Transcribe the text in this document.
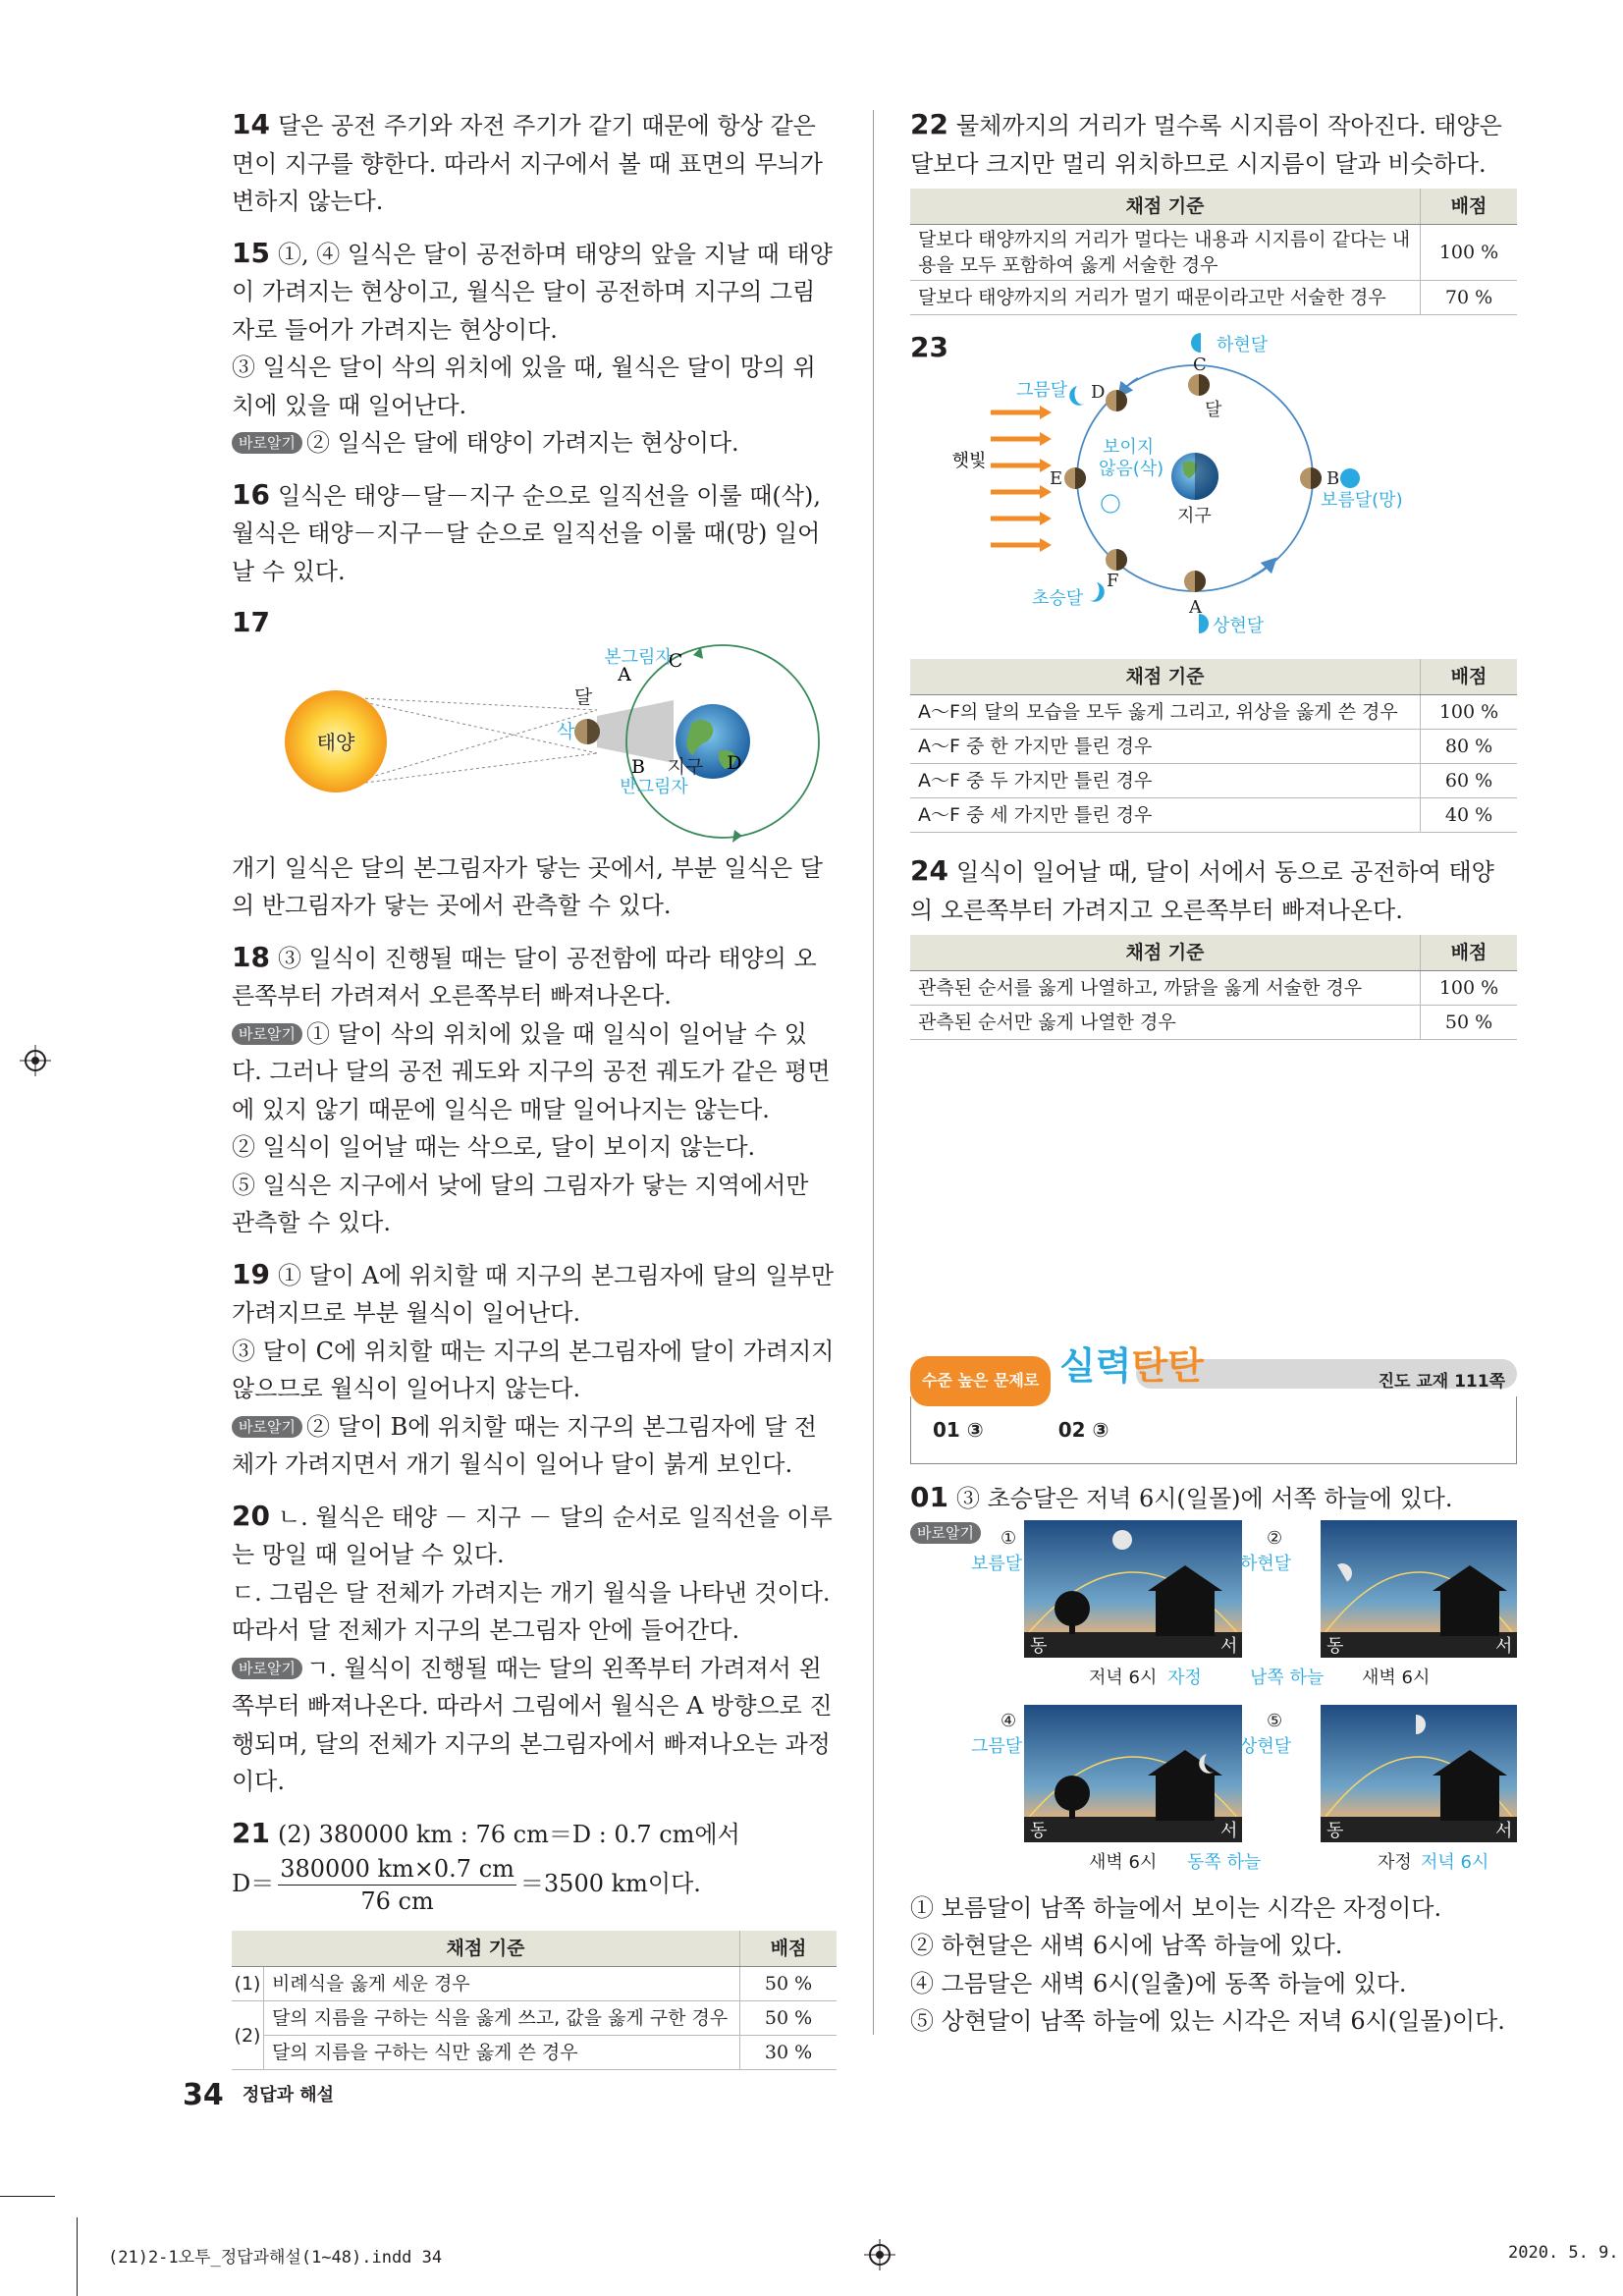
14 달은 공전 주기와 자전 주기가 같기 때문에 항상 같은 면이 지구를 향한다. 따라서 지구에서 볼 때 표면의 무늬가 변하지 않는다.

15 ①, ④ 일식은 달이 공전하며 태양의 앞을 지날 때 태양이 가려지는 현상이고, 월식은 달이 공전하며 지구의 그림자로 들어가 가려지는 현상이다.

③ 일식은 달이 삭의 위치에 있을 때, 월식은 달이 망의 위치에 있을 때 일어난다.

바로알기 ② 일식은 달에 태양이 가려지는 현상이다.

16 일식은 태양－달－지구 순으로 일직선을 이룰 때(삭), 월식은 태양－지구－달 순으로 일직선을 이룰 때(망) 일어날 수 있다.

17

태양
달
삭
본그림자
반그림자
지구
A
B
C
D

개기 일식은 달의 본그림자가 닿는 곳에서, 부분 일식은 달의 반그림자가 닿는 곳에서 관측할 수 있다.

18 ③ 일식이 진행될 때는 달이 공전함에 따라 태양의 오른쪽부터 가려져서 오른쪽부터 빠져나온다.

바로알기 ① 달이 삭의 위치에 있을 때 일식이 일어날 수 있다. 그러나 달의 공전 궤도와 지구의 공전 궤도가 같은 평면에 있지 않기 때문에 일식은 매달 일어나지는 않는다.

② 일식이 일어날 때는 삭으로, 달이 보이지 않는다.

⑤ 일식은 지구에서 낮에 달의 그림자가 닿는 지역에서만 관측할 수 있다.

19 ① 달이 A에 위치할 때 지구의 본그림자에 달의 일부만 가려지므로 부분 월식이 일어난다.

③ 달이 C에 위치할 때는 지구의 본그림자에 달이 가려지지 않으므로 월식이 일어나지 않는다.

바로알기 ② 달이 B에 위치할 때는 지구의 본그림자에 달 전체가 가려지면서 개기 월식이 일어나 달이 붉게 보인다.

20 ㄴ. 월식은 태양 － 지구 － 달의 순서로 일직선을 이루는 망일 때 일어날 수 있다.

ㄷ. 그림은 달 전체가 가려지는 개기 월식을 나타낸 것이다. 따라서 달 전체가 지구의 본그림자 안에 들어간다.

바로알기 ㄱ. 월식이 진행될 때는 달의 왼쪽부터 가려져서 왼쪽부터 빠져나온다. 따라서 그림에서 월식은 A 방향으로 진행되며, 달의 전체가 지구의 본그림자에서 빠져나오는 과정이다.

21 (2) 380000 km : 76 cm＝D : 0.7 cm에서

$D= \frac{380000 km\times 0.7 cm}{76 cm} =3500$ km이다.

채점 기준		배점
(1)	비례식을 옳게 세운 경우	50 %
(2)	달의 지름을 구하는 식을 옳게 쓰고, 값을 옳게 구한 경우	50 %
	달의 지름을 구하는 식만 옳게 쓴 경우	30 %

22 물체까지의 거리가 멀수록 시지름이 작아진다. 태양은 달보다 크지만 멀리 위치하므로 시지름이 달과 비슷하다.

채점 기준	배점
달보다 태양까지의 거리가 멀다는 내용과 시지름이 같다는 내용을 모두 포함하여 옳게 서술한 경우	100 %
달보다 태양까지의 거리가 멀기 때문이라고만 서술한 경우	70 %
23
햇빛
하현달
C
달
그믐달 D
E
보이지
않음(삭)
지구
B
보름달(망)
F
초승달	A
상현달
채점 기준	배점
A～F의 달의 모습을 모두 옳게 그리고, 위상을 옳게 쓴 경우	100 %
A～F 중 한 가지만 틀린 경우	80 %
A～F 중 두 가지만 틀린 경우	60 %
A～F 중 세 가지만 틀린 경우	40 %

24 일식이 일어날 때, 달이 서에서 동으로 공전하여 태양의 오른쪽부터 가려지고 오른쪽부터 빠져나온다.

채점 기준	배점
관측된 순서를 옳게 나열하고, 까닭을 옳게 서술한 경우	100 %
관측된 순서만 옳게 나열한 경우	50 %
수준 높은 문제로 실력탄탄	진도 교재 111쪽
01 ③	02 ③

01 ③ 초승달은 저녁 6시(일몰)에 서쪽 하늘에 있다.

바로알기	①
보름달
동	서
저녁 6시 자정
②
하현달
동	서
남쪽 하늘 새벽 6시
④
그믐달
동	서
새벽 6시 동쪽 하늘
⑤
상현달
동	서
자정 저녁 6시

① 보름달이 남쪽 하늘에서 보이는 시각은 자정이다.

② 하현달은 새벽 6시에 남쪽 하늘에 있다.

④ 그믐달은 새벽 6시(일출)에 동쪽 하늘에 있다.

⑤ 상현달이 남쪽 하늘에 있는 시각은 저녁 6시(일몰)이다.

34 정답과 해설
(21)2-1오투_정답과해설(1~48).indd 34	2020. 5. 9.
